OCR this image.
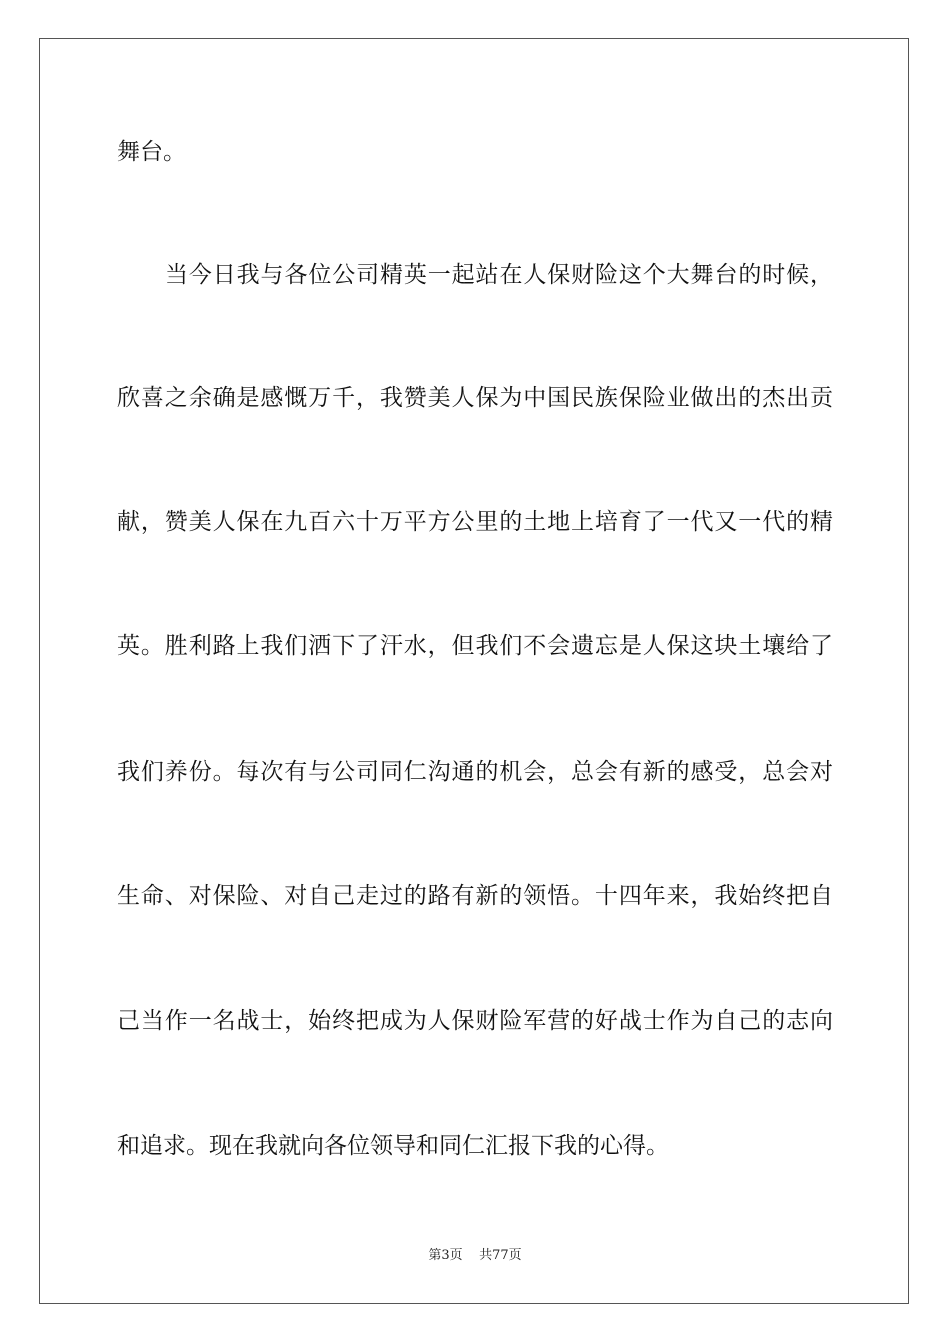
舞台。
当今日我与各位公司精英一起站在人保财险这个大舞台的时候，
欣喜之余确是感慨万千，我赞美人保为中国民族保险业做出的杰出贡
献，赞美人保在九百六十万平方公里的土地上培育了一代又一代的精
英。胜利路上我们洒下了汗水，但我们不会遗忘是人保这块土壤给了
我们养份。每次有与公司同仁沟通的机会，总会有新的感受，总会对
生命、对保险、对自己走过的路有新的领悟。十四年来，我始终把自
己当作一名战士，始终把成为人保财险军营的好战士作为自己的志向
和追求。现在我就向各位领导和同仁汇报下我的心得。
第3页 共77页
